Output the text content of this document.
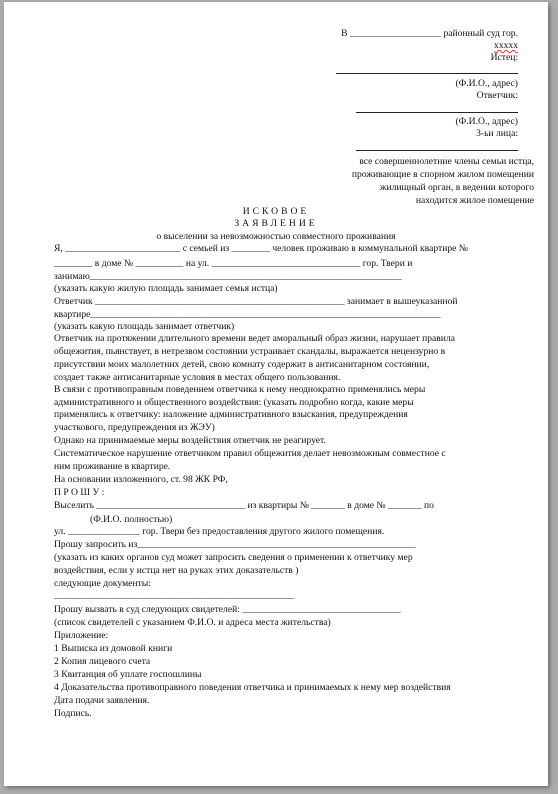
В ___________________ районный суд гор.
ххххх
Истец:
(Ф.И.О., адрес)
Ответчик:
(Ф.И.О., адрес)
3-ьи лица:
все совершеннолетние члены семьи истца,
проживающие в спорном жилом помещении
жилищный орган, в ведении которого
находится жилое помещение
ИСКОВОЕ
ЗАЯВЛЕНИЕ
о выселении за невозможностью совместного проживания
Я, ________________________ с семьей из ________ человек проживаю в коммунальной квартире №
________ в доме № __________ на ул. _______________________________ гор. Твери и
занимаю_________________________________________________________________
(указать какую жилую площадь занимает семья истца)
Ответчик ____________________________________________________ занимает в вышеуказанной
квартире_________________________________________________________________________
(указать какую площадь занимает ответчик)
Ответчик на протяжении длительного времени ведет аморальный образ жизни, нарушает правила
общежития, пьянствует, в нетрезвом состоянии устраивает скандалы, выражается нецензурно в
присутствии моих малолетних детей, свою комнату содержит в антисанитарном состоянии,
создает также антисанитарные условия в местах общего пользования.
В связи с противоправным поведением ответчика к нему неоднократно применялись меры
административного и общественного воздействия: (указать подробно когда, какие меры
применялись к ответчику: наложение административного взыскания, предупреждения
участкового, предупреждения из ЖЭУ)
Однако на принимаемые меры воздействия ответчик не реагирует.
Систематическое нарушение ответчиком правил общежития делает невозможным совместное с
ним проживание в квартире.
На основании изложенного, ст. 98 ЖК РФ,
П Р О Ш У :
Выселить _______________________________ из квартиры № _______ в доме № _______ по
ул. _______________ гор. Твери без предоставления другого жилого помещения.
(Ф.И.О. полностью)
Прошу запросить из__________________________________________________________
(указать из каких органов суд может запросить сведения о применении к ответчику мер
воздействия, если у истца нет на руках этих доказательств )
следующие документы:
__________________________________________________
Прошу вызвать в суд следующих свидетелей: _________________________________
(список свидетелей с указанием Ф.И.О. и адреса места жительства)
Приложение:
1 Выписка из домовой книги
2 Копия лицевого счета
3 Квитанция об уплате госпошлины
4 Доказательства противоправного поведения ответчика и принимаемых к нему мер воздействия
Дата подачи заявления.
Подпись.
